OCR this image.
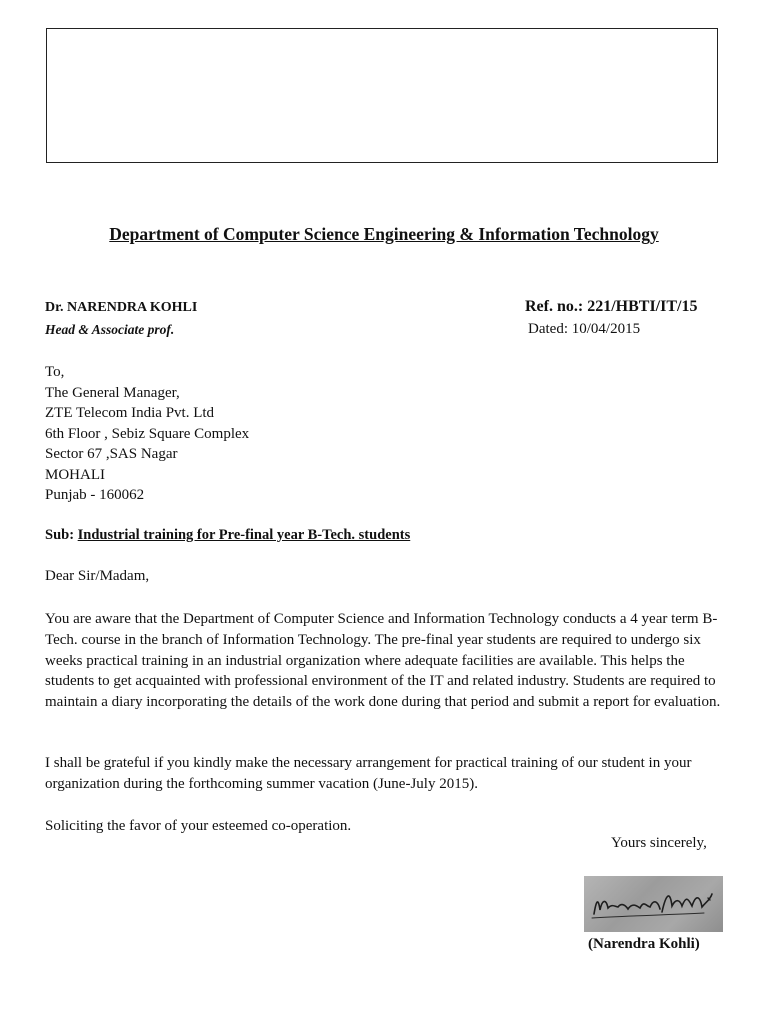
Department of Computer Science Engineering & Information Technology
Dr. NARENDRA KOHLI
Head & Associate prof.
Ref. no.: 221/HBTI/IT/15
Dated: 10/04/2015
To,
The General Manager,
ZTE Telecom India Pvt. Ltd
6th Floor , Sebiz Square Complex
Sector 67 ,SAS Nagar
MOHALI
Punjab - 160062
Sub: Industrial training for Pre-final year B-Tech. students
Dear Sir/Madam,
You are aware that the Department of Computer Science and Information Technology conducts a 4 year term B-Tech. course in the branch of Information Technology. The pre-final year students are required to undergo six weeks practical training in an industrial organization where adequate facilities are available. This helps the students to get acquainted with professional environment of the IT and related industry. Students are required to maintain a diary incorporating the details of the work done during that period and submit a report for evaluation.
I shall be grateful if you kindly make the necessary arrangement for practical training of our student in your organization during the forthcoming summer vacation (June-July 2015).
Soliciting the favor of your esteemed co-operation.
Yours sincerely,
(Narendra Kohli)
